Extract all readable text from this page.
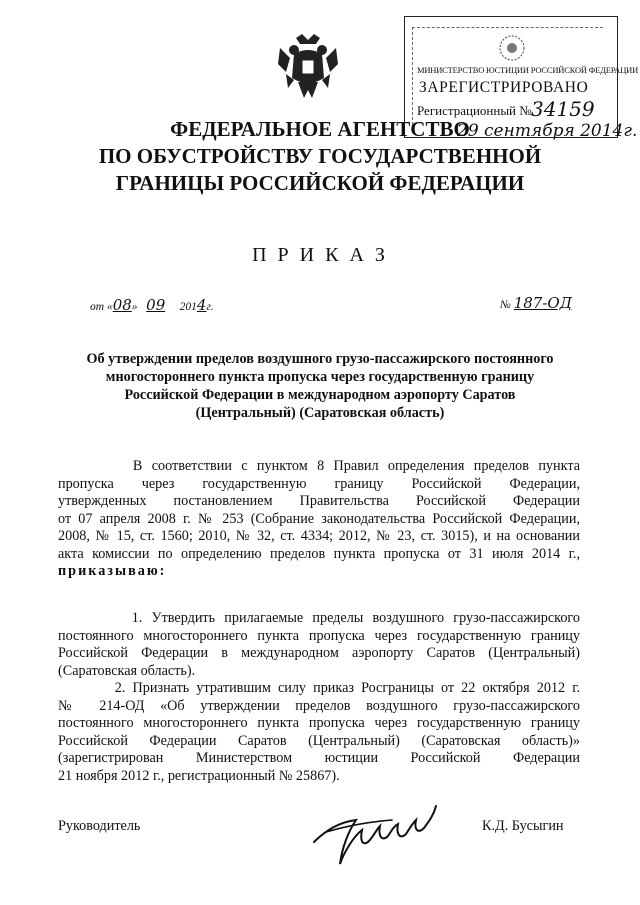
МИНИСТЕРСТВО ЮСТИЦИИ РОССИЙСКОЙ ФЕДЕРАЦИИ
ЗАРЕГИСТРИРОВАНО
Регистрационный № 34159
29 сентября 2014г.
ФЕДЕРАЛЬНОЕ АГЕНТСТВО
ПО ОБУСТРОЙСТВУ ГОСУДАРСТВЕННОЙ
ГРАНИЦЫ РОССИЙСКОЙ ФЕДЕРАЦИИ
П Р И К А З
от «08» 09 2014г.	№ 187-ОД
Об утверждении пределов воздушного грузо-пассажирского постоянного
многостороннего пункта пропуска через государственную границу
Российской Федерации в международном аэропорту Саратов
(Центральный) (Саратовская область)
В соответствии с пунктом 8 Правил определения пределов пункта
пропуска через государственную границу Российской Федерации,
утвержденных постановлением Правительства Российской Федерации
от 07 апреля 2008 г. № 253 (Собрание законодательства Российской Федерации,
2008, № 15, ст. 1560; 2010, № 32, ст. 4334; 2012, № 23, ст. 3015), и на основании
акта комиссии по определению пределов пункта пропуска от 31 июля 2014 г.,
приказываю:
1. Утвердить прилагаемые пределы воздушного грузо-пассажирского
постоянного многостороннего пункта пропуска через государственную границу
Российской Федерации в международном аэропорту Саратов (Центральный)
(Саратовская область).
2. Признать утратившим силу приказ Росграницы от 22 октября 2012 г.
№ 214-ОД «Об утверждении пределов воздушного грузо-пассажирского
постоянного многостороннего пункта пропуска через государственную границу
Российской Федерации Саратов (Центральный) (Саратовская область)»
(зарегистрирован Министерством юстиции Российской Федерации
21 ноября 2012 г., регистрационный № 25867).
Руководитель	К.Д. Бусыгин
